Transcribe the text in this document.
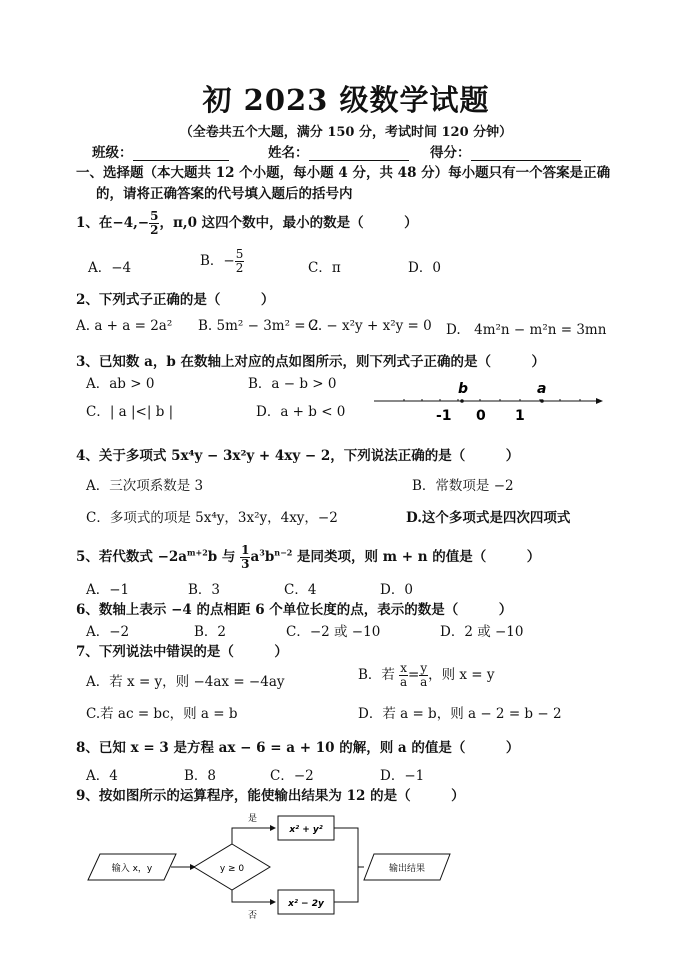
初 2023 级数学试题
（全卷共五个大题，满分 150 分，考试时间 120 分钟）
班级：	姓名：	得分：
一、选择题（本大题共 12 个小题，每小题 4 分，共 48 分）每小题只有一个答案是正确
的，请将正确答案的代号填入题后的括号内
1、在$-4,- \frac{5}{2}$ ，π,0 这四个数中，最小的数是（　　　）
A．−4	B．− $\frac{5}{2}$	C．π	D．0
2、下列式子正确的是（　　　）
A. a + a = 2a² B. 5m² − 3m² = 2
C. − x²y + x²y = 0 D.　4m²n − m²n = 3mn
3、已知数 a，b 在数轴上对应的点如图所示，则下列式子正确的是（　　　）
A．ab > 0	B．a − b > 0
C．| a |<| b |	D．a + b < 0
b	a
-1 0 1
4、关于多项式 5x⁴y − 3x²y + 4xy − 2，下列说法正确的是（　　　）
A．三次项系数是 3	B．常数项是 −2
C．多项式的项是 5x⁴y，3x²y，4xy，−2	D.这个多项式是四次四项式
5、若代数式 $-2a^{m+2}b$ 与 $\frac{1}{3} a^3b^{n-2}$ 是同类项，则 m + n 的值是（　　　）
A．−1	B．3	C．4	D．0
6、数轴上表示 −4 的点相距 6 个单位长度的点，表示的数是（　　　）
A．−2	B．2	C．−2 或 −10	D．2 或 −10
7、下列说法中错误的是（　　　）
A．若 x = y，则 −4ax = −4ay	B．若 $\frac{x}{a} = \frac{y}{a}$ ，则 x = y
C.若 ac = bc，则 a = b	D．若 a = b，则 a − 2 = b − 2
8、已知 x = 3 是方程 ax − 6 = a + 10 的解，则 a 的值是（　　　）
A．4	B．8	C．−2	D．−1
9、按如图所示的运算程序，能使输出结果为 12 的是（　　　）
输入 x，y	y ≥ 0
是
x² + y²
否
x² − 2y
输出结果
